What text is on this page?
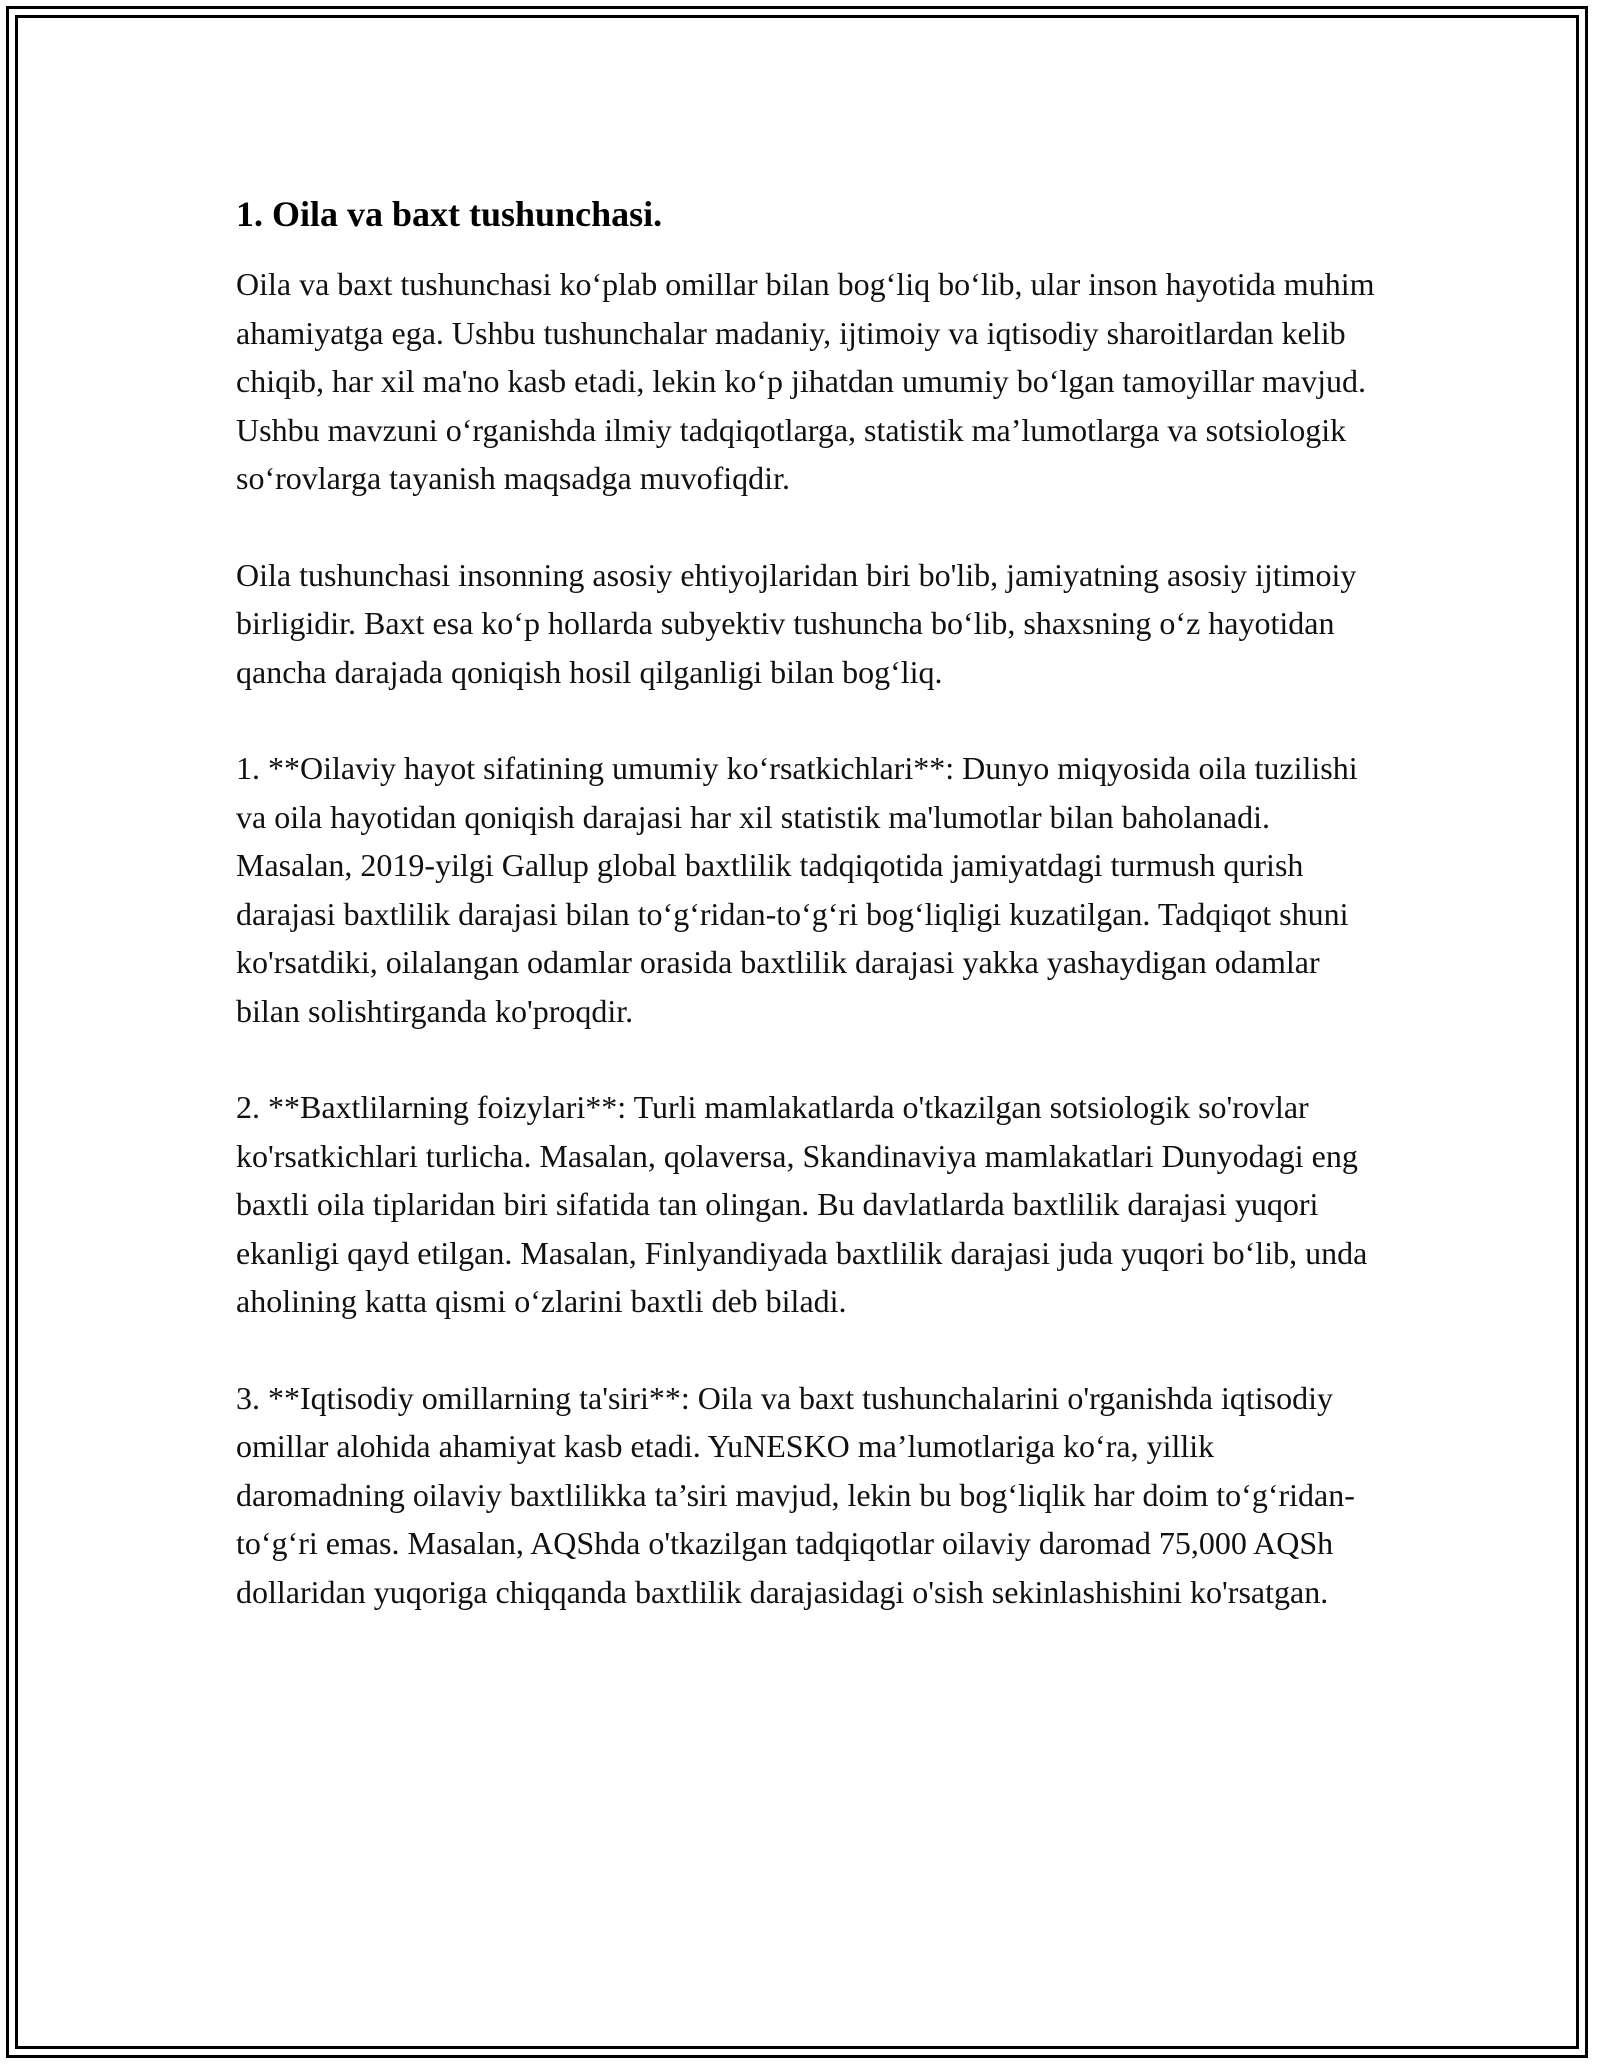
1. Oila va baxt tushunchasi.

Oila va baxt tushunchasi ko‘plab omillar bilan bog‘liq bo‘lib, ular inson hayotida muhim ahamiyatga ega. Ushbu tushunchalar madaniy, ijtimoiy va iqtisodiy sharoitlardan kelib chiqib, har xil ma'no kasb etadi, lekin ko‘p jihatdan umumiy bo‘lgan tamoyillar mavjud. Ushbu mavzuni o‘rganishda ilmiy tadqiqotlarga, statistik ma’lumotlarga va sotsiologik so‘rovlarga tayanish maqsadga muvofiqdir.

Oila tushunchasi insonning asosiy ehtiyojlaridan biri bo'lib, jamiyatning asosiy ijtimoiy birligidir. Baxt esa ko‘p hollarda subyektiv tushuncha bo‘lib, shaxsning o‘z hayotidan qancha darajada qoniqish hosil qilganligi bilan bog‘liq.

1. **Oilaviy hayot sifatining umumiy ko‘rsatkichlari**: Dunyo miqyosida oila tuzilishi va oila hayotidan qoniqish darajasi har xil statistik ma'lumotlar bilan baholanadi. Masalan, 2019-yilgi Gallup global baxtlilik tadqiqotida jamiyatdagi turmush qurish darajasi baxtlilik darajasi bilan to‘g‘ridan-to‘g‘ri bog‘liqligi kuzatilgan. Tadqiqot shuni ko'rsatdiki, oilalangan odamlar orasida baxtlilik darajasi yakka yashaydigan odamlar bilan solishtirganda ko'proqdir.

2. **Baxtlilarning foizylari**: Turli mamlakatlarda o'tkazilgan sotsiologik so'rovlar ko'rsatkichlari turlicha. Masalan, qolaversa, Skandinaviya mamlakatlari Dunyodagi eng baxtli oila tiplaridan biri sifatida tan olingan. Bu davlatlarda baxtlilik darajasi yuqori ekanligi qayd etilgan. Masalan, Finlyandiyada baxtlilik darajasi juda yuqori bo‘lib, unda aholining katta qismi o‘zlarini baxtli deb biladi.

3. **Iqtisodiy omillarning ta'siri**: Oila va baxt tushunchalarini o'rganishda iqtisodiy omillar alohida ahamiyat kasb etadi. YuNESKO ma’lumotlariga ko‘ra, yillik daromadning oilaviy baxtlilikka ta’siri mavjud, lekin bu bog‘liqlik har doim to‘g‘ridan-to‘g‘ri emas. Masalan, AQShda o'tkazilgan tadqiqotlar oilaviy daromad 75,000 AQSh dollaridan yuqoriga chiqqanda baxtlilik darajasidagi o'sish sekinlashishini ko'rsatgan.
